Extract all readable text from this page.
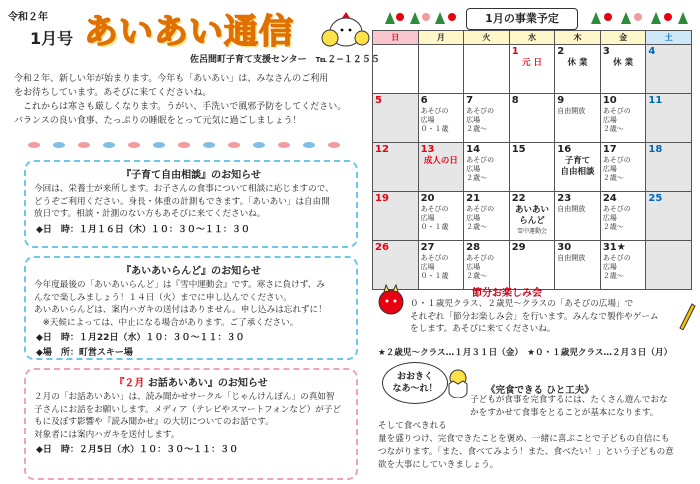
令和２年
1月号 あいあい通信
佐呂間町子育て支援センター　 ℡２−１２５５
令和２年、新しい年が始まります。今年も「あいあい」は、みなさんのご利用
をお待ちしています。あそびに来てくださいね。
　これからは寒さも厳しくなります。うがい、手洗いで風邪予防をしてください。
バランスの良い食事、たっぷりの睡眠をとって元気に過ごしましょう！
『子育て自由相談』のお知らせ

今回は、栄養士が来所します。お子さんの食事について相談に応じますので、
どうぞご利用ください。身長・体重の計測もできます。「あいあい」は自由開
放日です。相談・計測のない方もあそびに来てくださいね。

◆日　時：１月１６日（木）１０：３０〜１１：３０
『あいあいらんど』のお知らせ

今年度最後の「あいあいらんど」は『雪中運動会』です。寒さに負けず、み
んなで楽しみましょう！１４日（火）までに申し込んでください。
あいあいらんどは、案内ハガキの送付はありません。申し込みは忘れずに！
　※天候によっては、中止になる場合があります。ご了承ください。

◆日　時：１月22日（水）１０：３０〜１１：３０
◆場　所：町営スキー場
『２月 お話あいあい』のお知らせ

２月の「お話あいあい」は、読み聞かせサークル「じゃんけんぽん」の真如智
子さんにお話をお願いします。メディア（テレビやスマートフォンなど）が子ど
もに及ぼす影響や『読み聞かせ』の大切についてのお話です。
対象者には案内ハガキを送付します。

◆日　時：２月5日（水）１０：３０〜１１：３０
1月の事業予定
日	月	火	水	木	金	土

			1
元 日	2
休 業	3
休 業	4

5	6
あそびの
広場
０・１歳	7
あそびの
広場
２歳〜	8	9
自由開放	10
あそびの
広場
２歳〜	11

12	13
成人の日	14
あそびの
広場
２歳〜	15	16
子育て
自由相談	17
あそびの
広場
２歳〜	18

19	20
あそびの
広場
０・１歳	21
あそびの
広場
２歳〜	22
あいあい
らんど
雪中運動会	23
自由開放	24
あそびの
広場
２歳〜	25

26	27
あそびの
広場
０・１歳	28
あそびの
広場
２歳〜	29	30
自由開放	31★
あそびの
広場
２歳〜	
節分お楽しみ会
０・１歳児クラス、２歳児〜クラスの「あそびの広場」で
それぞれ「節分お楽しみ会」を行います。みんなで製作やゲーム
をします。あそびに来てくださいね。
★２歳児〜クラス…１月３１日（金）　★０・１歳児クラス…２月３日（月）
おおきく
なあ〜れ！	《完食できる ひと工夫》
子どもが食事を完食するには、たくさん遊んでおな
かをすかせて食事をとることが基本になります。
そして食べきれる
量を盛りつけ、完食できたことを褒め、一緒に喜ぶことで子どもの自信にも
つながります。「また、食べてみよう！また、食べたい！」という子どもの意
欲を大事にしていきましょう。
